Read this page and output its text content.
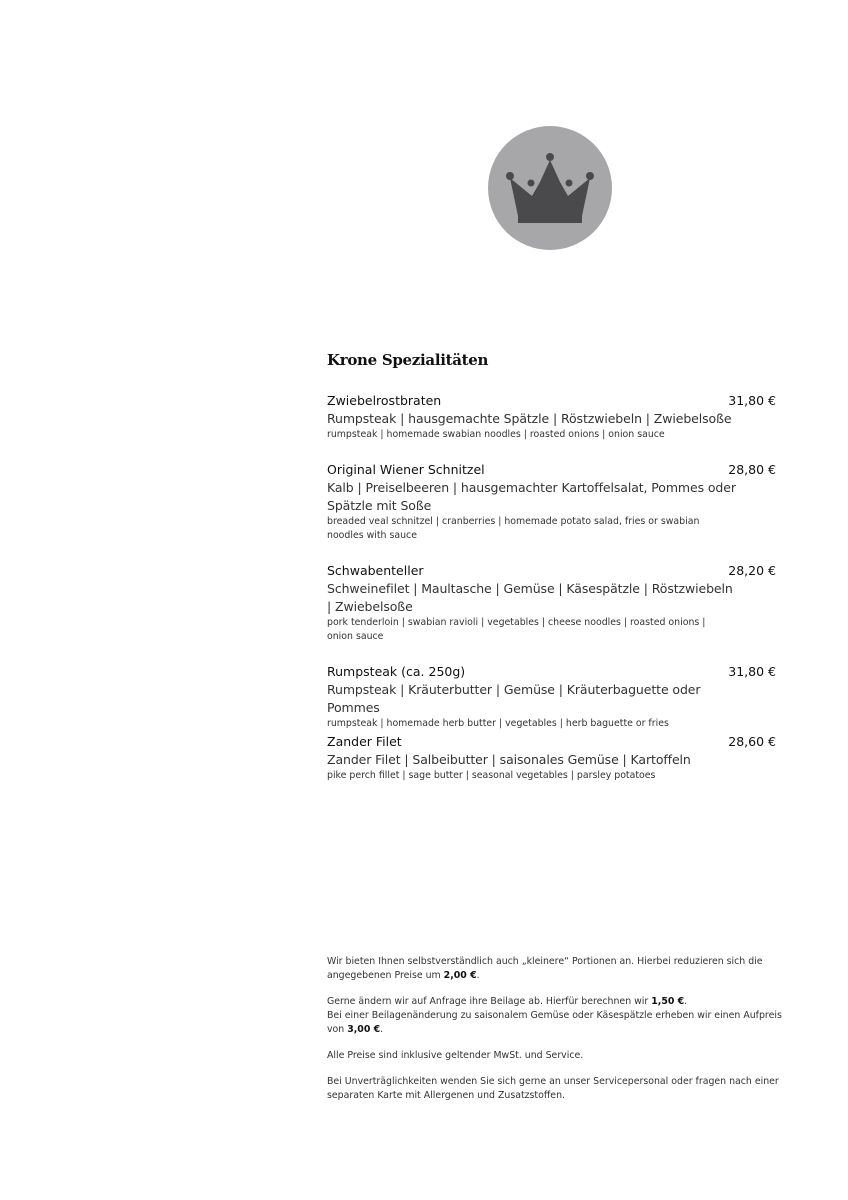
Krone Spezialitäten
Zwiebelrostbraten	31,80 €
Rumpsteak | hausgemachte Spätzle | Röstzwiebeln | Zwiebelsoße
rumpsteak | homemade swabian noodles | roasted onions | onion sauce
Original Wiener Schnitzel	28,80 €
Kalb | Preiselbeeren | hausgemachter Kartoffelsalat, Pommes oder Spätzle mit Soße
breaded veal schnitzel | cranberries | homemade potato salad, fries or swabian noodles with sauce
Schwabenteller	28,20 €
Schweinefilet | Maultasche | Gemüse | Käsespätzle | Röstzwiebeln | Zwiebelsoße
pork tenderloin | swabian ravioli | vegetables | cheese noodles | roasted onions | onion sauce
Rumpsteak (ca. 250g)	31,80 €
Rumpsteak | Kräuterbutter | Gemüse | Kräuterbaguette oder Pommes
rumpsteak | homemade herb butter | vegetables | herb baguette or fries
Zander Filet	28,60 €
Zander Filet | Salbeibutter | saisonales Gemüse | Kartoffeln
pike perch fillet | sage butter | seasonal vegetables | parsley potatoes

Wir bieten Ihnen selbstverständlich auch „kleinere“ Portionen an. Hierbei reduzieren sich die angegebenen Preise um 2,00 €.

Gerne ändern wir auf Anfrage ihre Beilage ab. Hierfür berechnen wir 1,50 €.
Bei einer Beilagenänderung zu saisonalem Gemüse oder Käsespätzle erheben wir einen Aufpreis von 3,00 €.

Alle Preise sind inklusive geltender MwSt. und Service.

Bei Unverträglichkeiten wenden Sie sich gerne an unser Servicepersonal oder fragen nach einer separaten Karte mit Allergenen und Zusatzstoffen.
